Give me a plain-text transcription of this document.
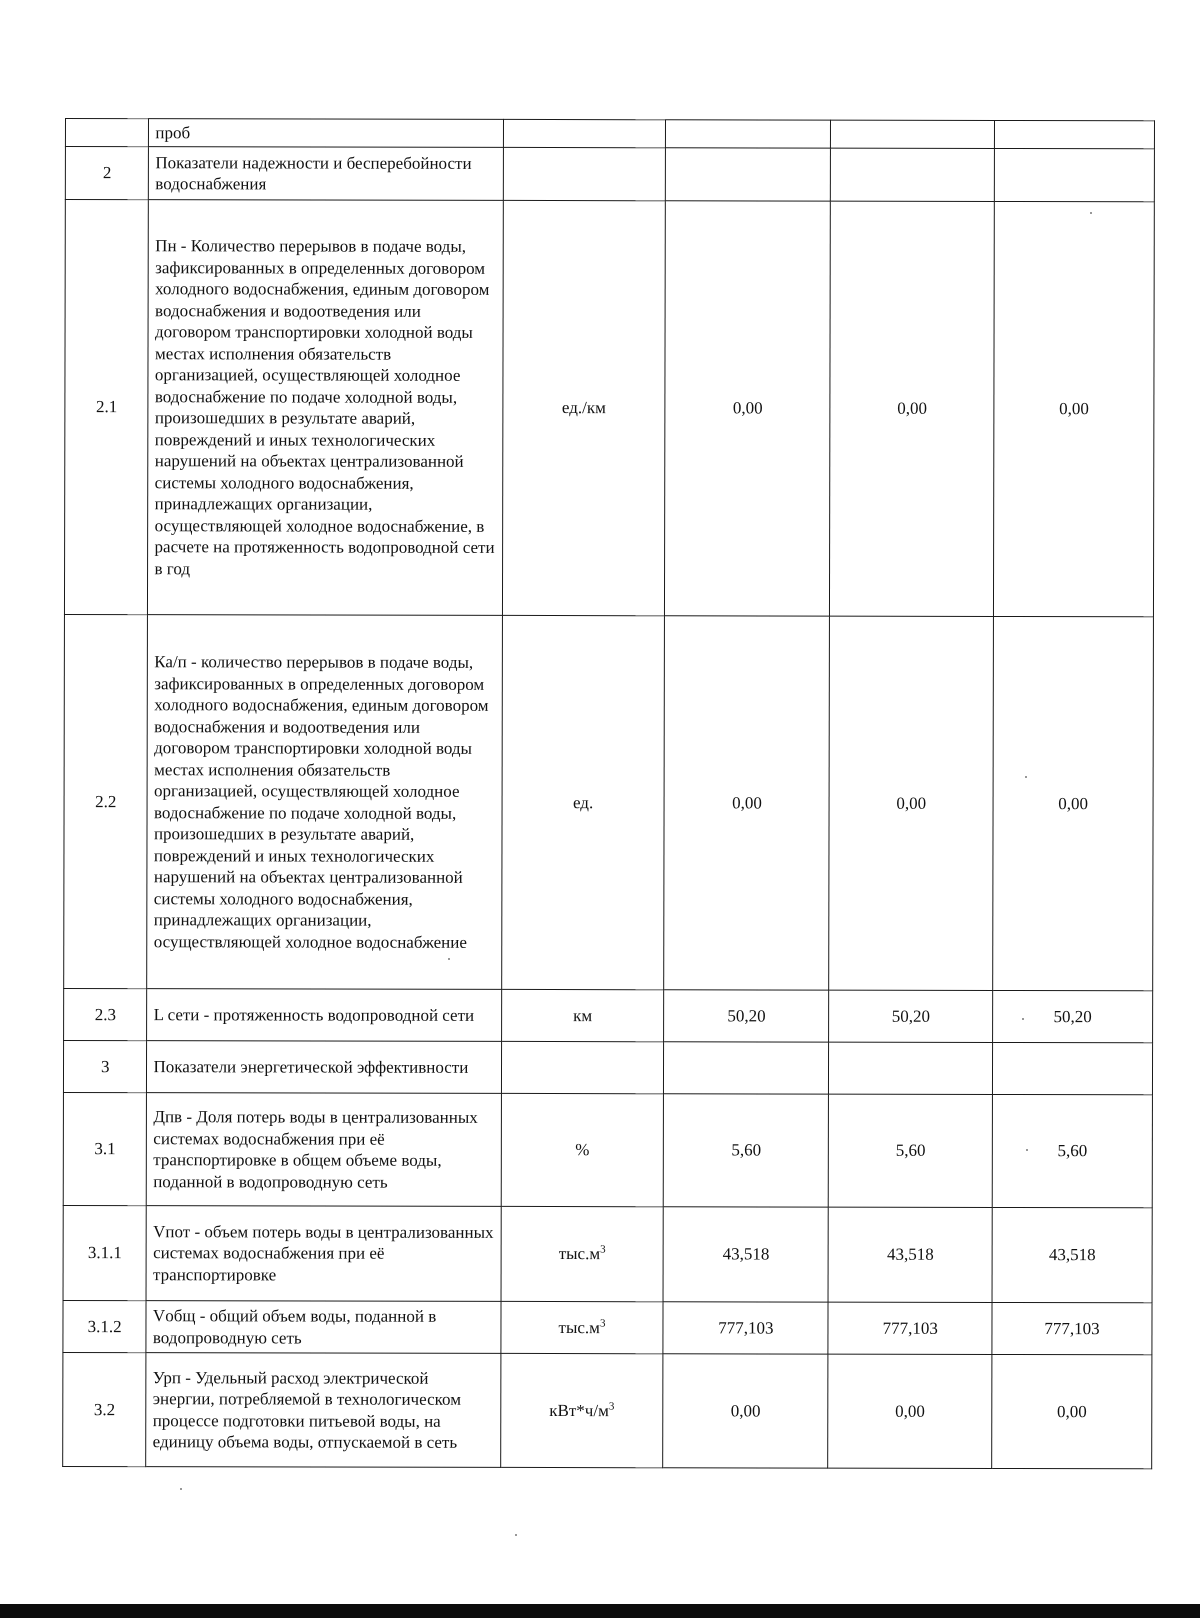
	проб				
2	Показатели надежности и бесперебойности водоснабжения				
2.1	Пн - Количество перерывов в подаче воды, зафиксированных в определенных договором холодного водоснабжения, единым договором водоснабжения и водоотведения или договором транспортировки холодной воды местах исполнения обязательств организацией, осуществляющей холодное водоснабжение по подаче холодной воды, произошедших в результате аварий, повреждений и иных технологических нарушений на объектах централизованной системы холодного водоснабжения, принадлежащих организации, осуществляющей холодное водоснабжение, в расчете на протяженность водопроводной сети в год	ед./км	0,00	0,00	0,00
2.2	Ка/п - количество перерывов в подаче воды, зафиксированных в определенных договором холодного водоснабжения, единым договором водоснабжения и водоотведения или договором транспортировки холодной воды местах исполнения обязательств организацией, осуществляющей холодное водоснабжение по подаче холодной воды, произошедших в результате аварий, повреждений и иных технологических нарушений на объектах централизованной системы холодного водоснабжения, принадлежащих организации, осуществляющей холодное водоснабжение	ед.	0,00	0,00	0,00
2.3	L сети - протяженность водопроводной сети	км	50,20	50,20	50,20
3	Показатели энергетической эффективности				
3.1	Дпв - Доля потерь воды в централизованных системах водоснабжения при её транспортировке в общем объеме воды, поданной в водопроводную сеть	%	5,60	5,60	5,60
3.1.1	Vпот - объем потерь воды в централизованных системах водоснабжения при её транспортировке	$тыс.м^3$	43,518	43,518	43,518
3.1.2	Vобщ - общий объем воды, поданной в водопроводную сеть	$тыс.м^3$	777,103	777,103	777,103
3.2	Урп - Удельный расход электрической энергии, потребляемой в технологическом процессе подготовки питьевой воды, на единицу объема воды, отпускаемой в сеть	$кВт*ч/м^3$	0,00	0,00	0,00
